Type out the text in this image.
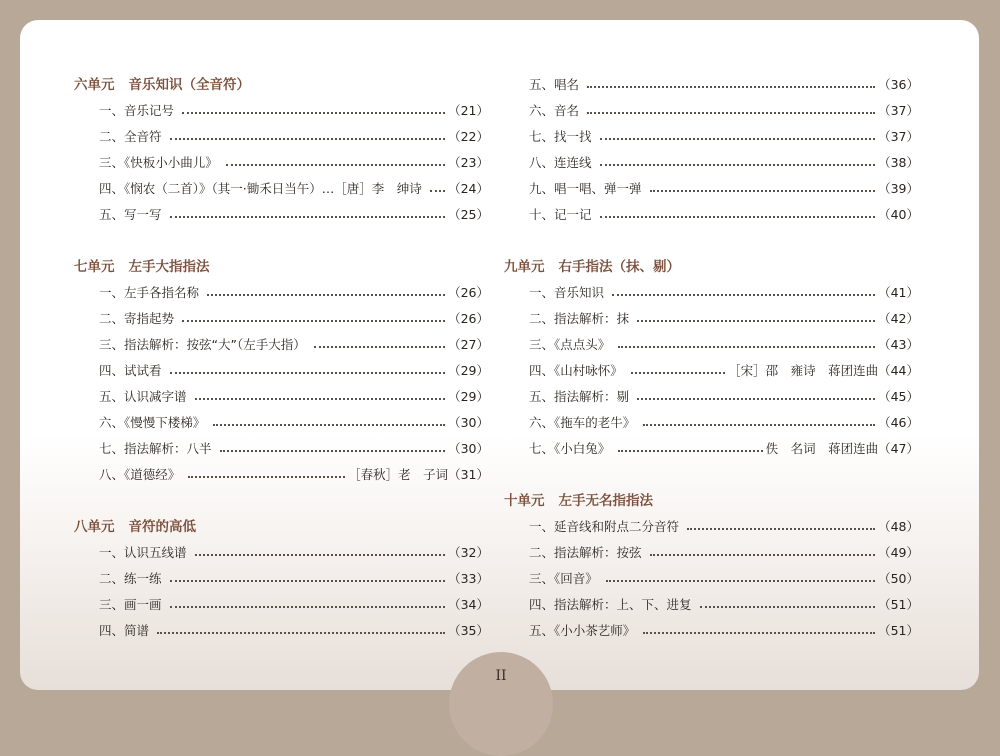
六单元 音乐知识（全音符）
一、音乐记号	（21）
二、全音符	（22）
三、《快板小小曲儿》	（23）
四、《悯农（二首）》（其一·锄禾日当午）…［唐］李　绅诗 （24）
五、写一写	（25）
七单元 左手大指指法
一、左手各指名称	（26）
二、寄指起势	（26）
三、指法解析：按弦“大”（左手大指）	（27）
四、试试看	（29）
五、认识减字谱	（29）
六、《慢慢下楼梯》	（30）
七、指法解析：八半	（30）
八、《道德经》	［春秋］老　子词 （31）
八单元 音符的高低
一、认识五线谱	（32）
二、练一练	（33）
三、画一画	（34）
四、简谱	（35）
五、唱名	（36）
六、音名	（37）
七、找一找	（37）
八、连连线	（38）
九、唱一唱、弹一弹	（39）
十、记一记	（40）
九单元 右手指法（抹、剔）
一、音乐知识	（41）
二、指法解析：抹	（42）
三、《点点头》	（43）
四、《山村咏怀》	［宋］邵　雍诗　蒋团连曲 （44）
五、指法解析：剔	（45）
六、《拖车的老牛》	（46）
七、《小白兔》	佚　名词　蒋团连曲 （47）
十单元 左手无名指指法
一、延音线和附点二分音符	（48）
二、指法解析：按弦	（49）
三、《回音》	（50）
四、指法解析：上、下、进复	（51）
五、《小小茶艺师》	（51）
II
